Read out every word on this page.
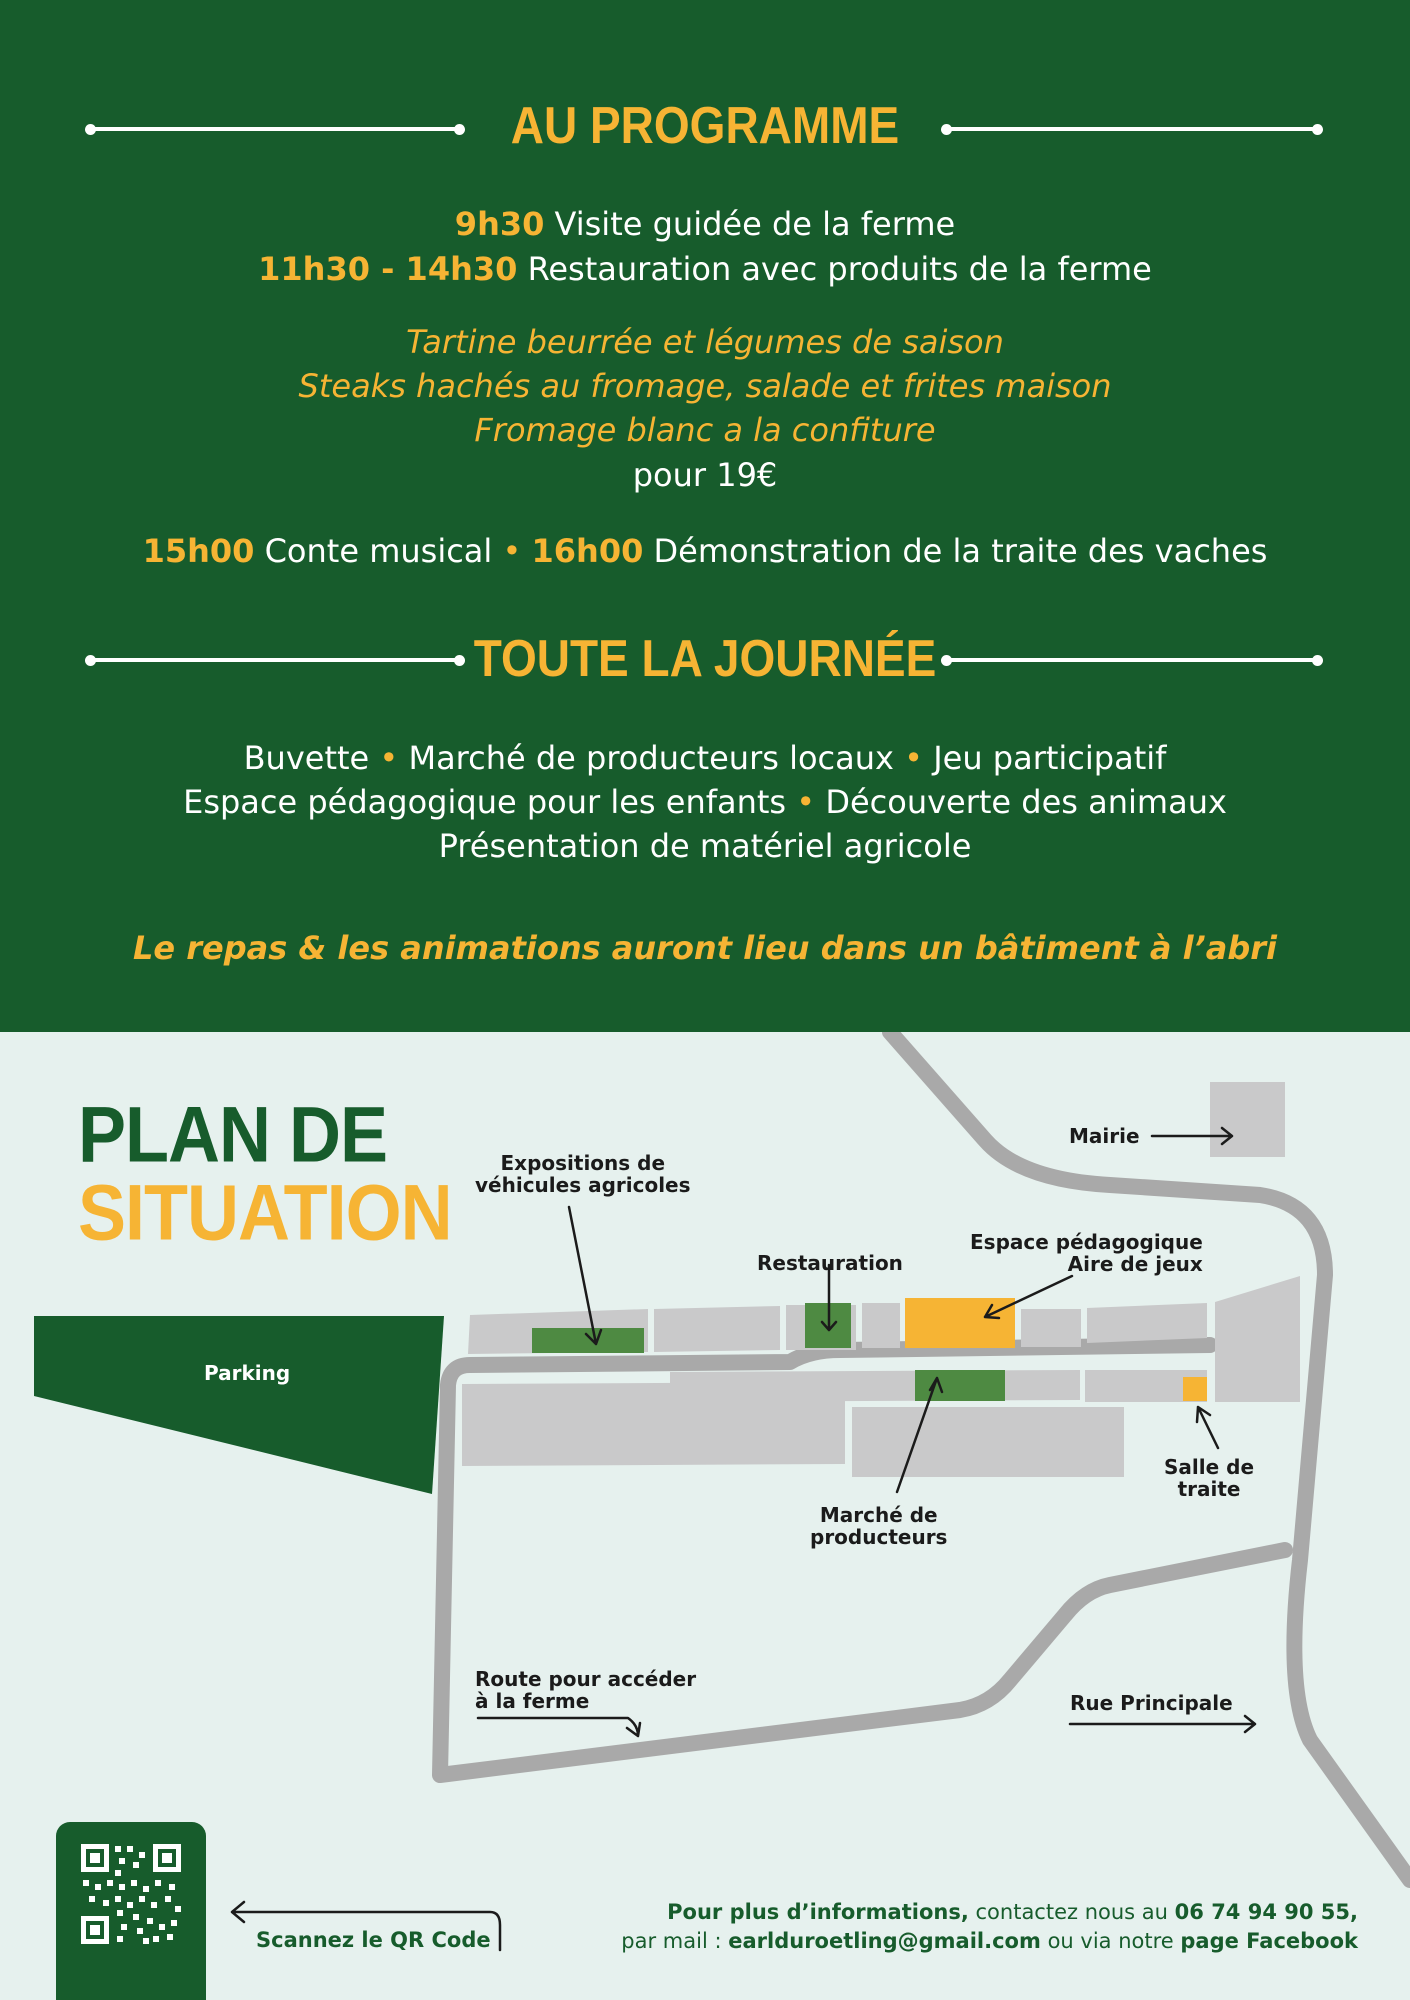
AU PROGRAMME
9h30 Visite guidée de la ferme
11h30 - 14h30 Restauration avec produits de la ferme
Tartine beurrée et légumes de saison
Steaks hachés au fromage, salade et frites maison
Fromage blanc a la confiture
pour 19€
15h00 Conte musical • 16h00 Démonstration de la traite des vaches
TOUTE LA JOURNÉE
Buvette • Marché de producteurs locaux • Jeu participatif
Espace pédagogique pour les enfants • Découverte des animaux
Présentation de matériel agricole
Le repas & les animations auront lieu dans un bâtiment à l’abri
PLAN DE
SITUATION
Parking
Expositions de
véhicules agricoles
Restauration
Espace pédagogique
Aire de jeux
Mairie
Marché de
producteurs
Salle de
traite
Route pour accéder
à la ferme	Rue Principale
Scannez le QR Code
Pour plus d’informations, contactez nous au 06 74 94 90 55,
par mail : earlduroetling@gmail.com ou via notre page Facebook
